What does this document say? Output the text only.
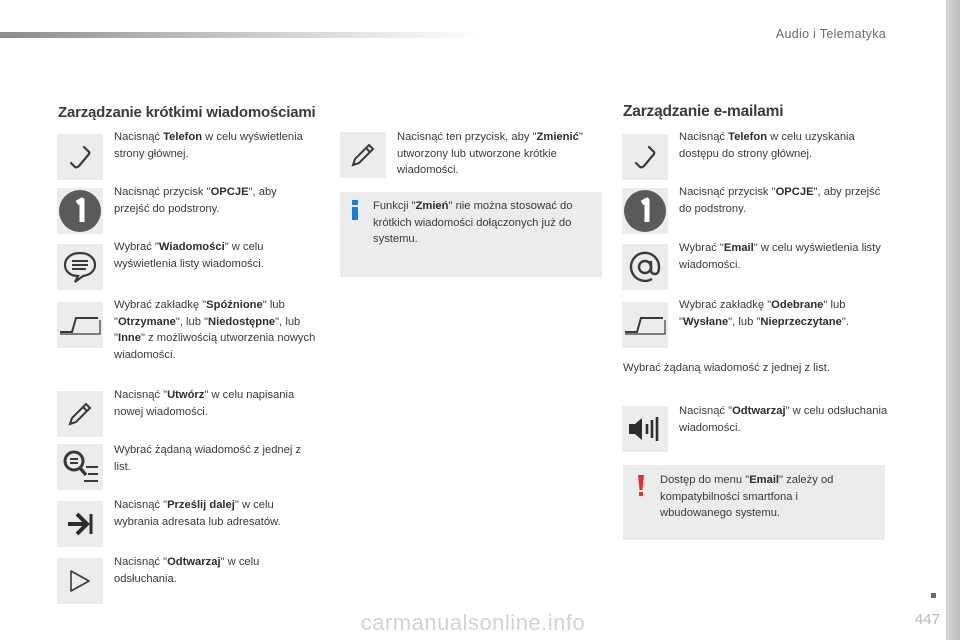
Audio i Telematyka
Zarządzanie krótkimi wiadomościami
Nacisnąć Telefon w celu wyświetlenia strony głównej.
Nacisnąć przycisk "OPCJE", aby przejść do podstrony.
Wybrać "Wiadomości" w celu wyświetlenia listy wiadomości.
Wybrać zakładkę "Spóźnione" lub "Otrzymane", lub "Niedostępne", lub "Inne" z możliwością utworzenia nowych wiadomości.
Nacisnąć "Utwórz" w celu napisania nowej wiadomości.
Wybrać żądaną wiadomość z jednej z list.
Nacisnąć "Prześlij dalej" w celu wybrania adresata lub adresatów.
Nacisnąć "Odtwarzaj" w celu odsłuchania.
Nacisnąć ten przycisk, aby "Zmienić" utworzony lub utworzone krótkie wiadomości.
Funkcji "Zmień" nie można stosować do krótkich wiadomości dołączonych już do systemu.
Zarządzanie e-mailami
Nacisnąć Telefon w celu uzyskania dostępu do strony głównej.
Nacisnąć przycisk "OPCJE", aby przejść do podstrony.
Wybrać "Email" w celu wyświetlenia listy wiadomości.
Wybrać zakładkę "Odebrane" lub "Wysłane", lub "Nieprzeczytane".
Wybrać żądaną wiadomość z jednej z list.
Nacisnąć "Odtwarzaj" w celu odsłuchania wiadomości.
Dostęp do menu "Email" zależy od kompatybilności smartfona i wbudowanego systemu.
447
carmanualsonline.info
